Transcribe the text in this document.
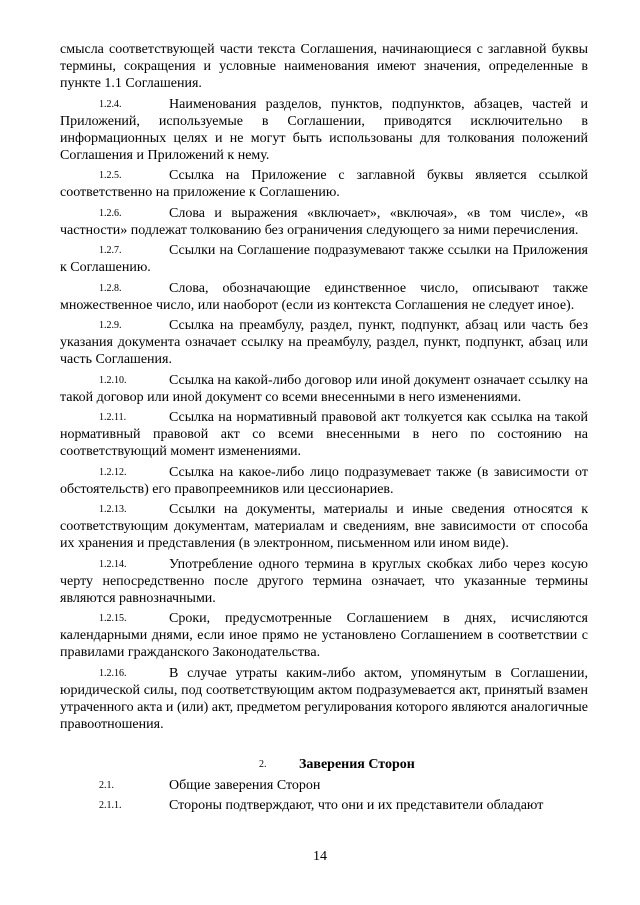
смысла соответствующей части текста Соглашения, начинающиеся с заглавной буквы термины, сокращения и условные наименования имеют значения, определенные в пункте 1.1 Соглашения.

1.2.4.	Наименования разделов, пунктов, подпунктов, абзацев, частей и Приложений, используемые в Соглашении, приводятся исключительно в информационных целях и не могут быть использованы для толкования положений Соглашения и Приложений к нему.

1.2.5.	Ссылка на Приложение с заглавной буквы является ссылкой соответственно на приложение к Соглашению.

1.2.6.	Слова и выражения «включает», «включая», «в том числе», «в частности» подлежат толкованию без ограничения следующего за ними перечисления.

1.2.7.	Ссылки на Соглашение подразумевают также ссылки на Приложения к Соглашению.

1.2.8.	Слова, обозначающие единственное число, описывают также множественное число, или наоборот (если из контекста Соглашения не следует иное).

1.2.9.	Ссылка на преамбулу, раздел, пункт, подпункт, абзац или часть без указания документа означает ссылку на преамбулу, раздел, пункт, подпункт, абзац или часть Соглашения.

1.2.10.	Ссылка на какой-либо договор или иной документ означает ссылку на такой договор или иной документ со всеми внесенными в него изменениями.

1.2.11.	Ссылка на нормативный правовой акт толкуется как ссылка на такой нормативный правовой акт со всеми внесенными в него по состоянию на соответствующий момент изменениями.

1.2.12.	Ссылка на какое-либо лицо подразумевает также (в зависимости от обстоятельств) его правопреемников или цессионариев.

1.2.13.	Ссылки на документы, материалы и иные сведения относятся к соответствующим документам, материалам и сведениям, вне зависимости от способа их хранения и представления (в электронном, письменном или ином виде).

1.2.14.	Употребление одного термина в круглых скобках либо через косую черту непосредственно после другого термина означает, что указанные термины являются равнозначными.

1.2.15.	Сроки, предусмотренные Соглашением в днях, исчисляются календарными днями, если иное прямо не установлено Соглашением в соответствии с правилами гражданского Законодательства.

1.2.16.	В случае утраты каким-либо актом, упомянутым в Соглашении, юридической силы, под соответствующим актом подразумевается акт, принятый взамен утраченного акта и (или) акт, предметом регулирования которого являются аналогичные правоотношения.

2. Заверения Сторон
2.1.	Общие заверения Сторон

2.1.1.	Стороны подтверждают, что они и их представители обладают

14
